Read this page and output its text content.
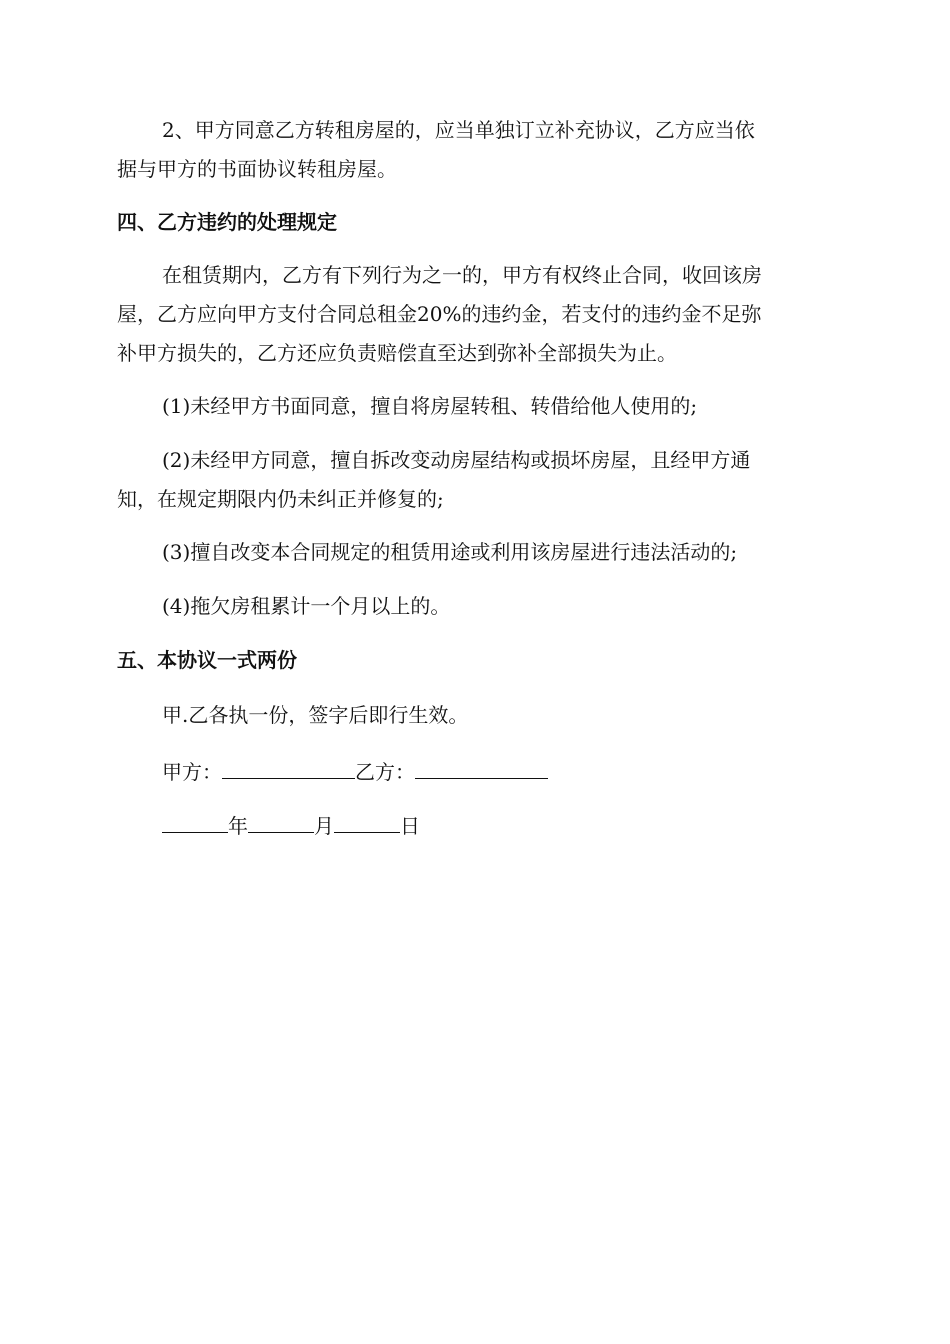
2、甲方同意乙方转租房屋的，应当单独订立补充协议，乙方应当依
据与甲方的书面协议转租房屋。
四、乙方违约的处理规定
在租赁期内，乙方有下列行为之一的，甲方有权终止合同，收回该房
屋，乙方应向甲方支付合同总租金20%的违约金，若支付的违约金不足弥
补甲方损失的，乙方还应负责赔偿直至达到弥补全部损失为止。
(1)未经甲方书面同意，擅自将房屋转租、转借给他人使用的;
(2)未经甲方同意，擅自拆改变动房屋结构或损坏房屋，且经甲方通
知，在规定期限内仍未纠正并修复的;
(3)擅自改变本合同规定的租赁用途或利用该房屋进行违法活动的;
(4)拖欠房租累计一个月以上的。
五、本协议一式两份
甲.乙各执一份，签字后即行生效。
甲方：	乙方：
年	月	日
